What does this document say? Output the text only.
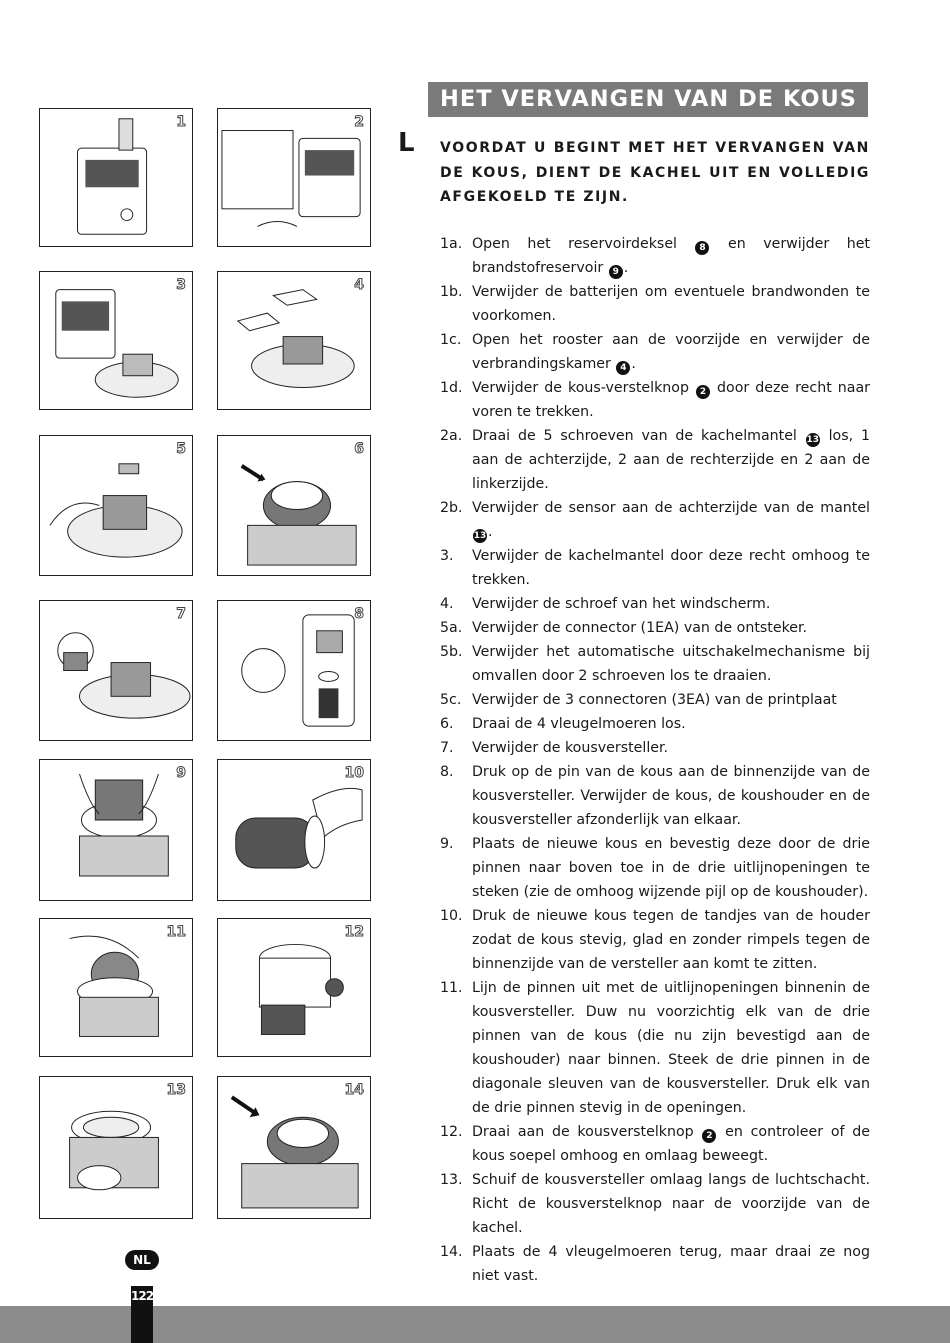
HET VERVANGEN VAN DE KOUS
L VOORDAT U BEGINT MET HET VERVANGEN VAN DE KOUS, DIENT DE KACHEL UIT EN VOLLEDIG AFGEKOELD TE ZIJN.
1	2
3	4
5	6
7	8
9	10
11	12
13	14
1a. Open het reservoirdeksel 8 en verwijder het brandstofreservoir 9 .
1b. Verwijder de batterijen om eventuele brandwonden te voorkomen.
1c. Open het rooster aan de voorzijde en verwijder de verbrandingskamer 4 .
1d. Verwijder de kous-verstelknop 2 door deze recht naar voren te trekken.
2a. Draai de 5 schroeven van de kachelmantel 13 los, 1 aan de achterzijde, 2 aan de rechterzijde en 2 aan de linkerzijde.
2b. Verwijder de sensor aan de achterzijde van de mantel 13 .
3. Verwijder de kachelmantel door deze recht omhoog te trekken.
4. Verwijder de schroef van het windscherm.
5a. Verwijder de connector (1EA) van de ontsteker.
5b. Verwijder het automatische uitschakelmechanisme bij omvallen door 2 schroeven los te draaien.
5c. Verwijder de 3 connectoren (3EA) van de printplaat
6. Draai de 4 vleugelmoeren los.
7. Verwijder de kousversteller.
8. Druk op de pin van de kous aan de binnenzijde van de kousversteller. Verwijder de kous, de koushouder en de kousversteller afzonderlijk van elkaar.
9. Plaats de nieuwe kous en bevestig deze door de drie pinnen naar boven toe in de drie uitlijnopeningen te steken (zie de omhoog wijzende pijl op de koushouder).
10. Druk de nieuwe kous tegen de tandjes van de houder zodat de kous stevig, glad en zonder rimpels tegen de binnenzijde van de versteller aan komt te zitten.
11. Lijn de pinnen uit met de uitlijnopeningen binnenin de kousversteller. Duw nu voorzichtig elk van de drie pinnen van de kous (die nu zijn bevestigd aan de koushouder) naar binnen. Steek de drie pinnen in de diagonale sleuven van de kousversteller. Druk elk van de drie pinnen stevig in de openingen.
12. Draai aan de kousverstelknop 2 en controleer of de kous soepel omhoog en omlaag beweegt.
13. Schuif de kousversteller omlaag langs de luchtschacht. Richt de kousverstelknop naar de voorzijde van de kachel.
14. Plaats de 4 vleugelmoeren terug, maar draai ze nog niet vast.
NL
122
